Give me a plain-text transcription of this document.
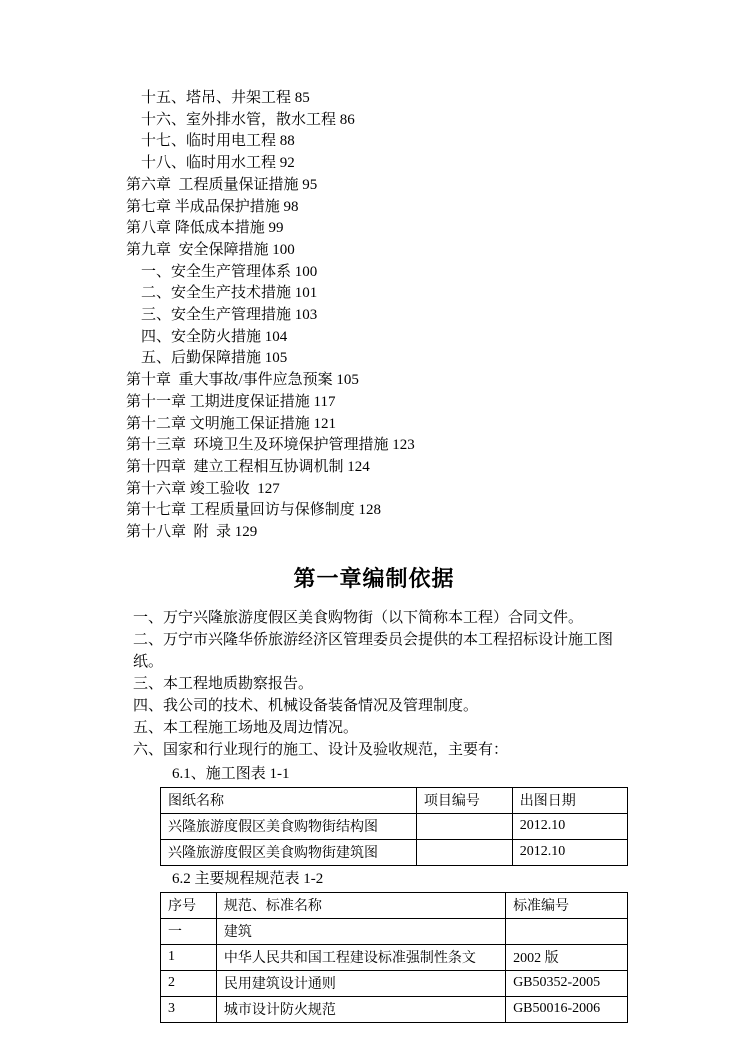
十五、塔吊、井架工程 85
十六、室外排水管，散水工程 86
十七、临时用电工程 88
十八、临时用水工程 92
第六章  工程质量保证措施 95
第七章 半成品保护措施 98
第八章 降低成本措施 99
第九章  安全保障措施 100
一、安全生产管理体系 100
二、安全生产技术措施 101
三、安全生产管理措施 103
四、安全防火措施 104
五、后勤保障措施 105
第十章  重大事故/事件应急预案 105
第十一章 工期进度保证措施 117
第十二章 文明施工保证措施 121
第十三章  环境卫生及环境保护管理措施 123
第十四章  建立工程相互协调机制 124
第十六章 竣工验收  127
第十七章 工程质量回访与保修制度 128
第十八章  附  录 129
第一章编制依据

一、万宁兴隆旅游度假区美食购物街（以下简称本工程）合同文件。

二、万宁市兴隆华侨旅游经济区管理委员会提供的本工程招标设计施工图纸。

三、本工程地质勘察报告。

四、我公司的技术、机械设备装备情况及管理制度。

五、本工程施工场地及周边情况。

六、国家和行业现行的施工、设计及验收规范，主要有：

6.1、施工图表 1-1

图纸名称	项目编号	出图日期
兴隆旅游度假区美食购物街结构图		2012.10
兴隆旅游度假区美食购物街建筑图		2012.10

6.2 主要规程规范表 1-2

序号	规范、标准名称	标准编号
一	建筑	
1	中华人民共和国工程建设标准强制性条文	2002 版
2	民用建筑设计通则	GB50352-2005
3	城市设计防火规范	GB50016-2006
